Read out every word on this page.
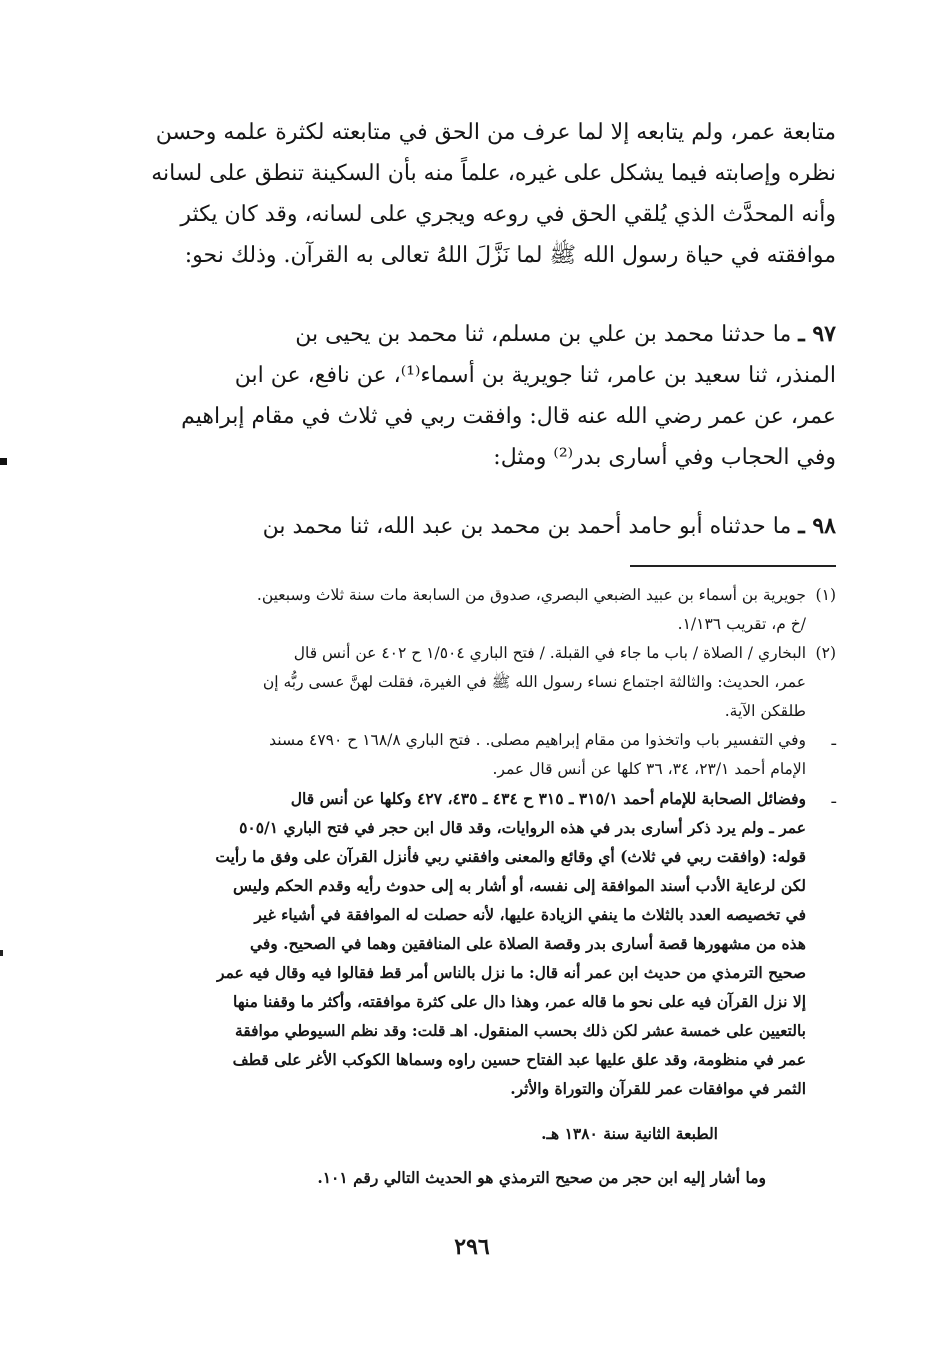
متابعة عمر، ولم يتابعه إلا لما عرف من الحق في متابعته لكثرة علمه وحسن

نظره وإصابته فيما يشكل على غيره، علماً منه بأن السكينة تنطق على لسانه

وأنه المحدَّث الذي يُلقي الحق في روعه ويجري على لسانه، وقد كان يكثر

موافقته في حياة رسول الله ﷺ لما نَزَّلَ اللهُ تعالى به القرآن. وذلك نحو:

٩٧ ـ ما حدثنا محمد بن علي بن مسلم، ثنا محمد بن يحيى بن

المنذر، ثنا سعيد بن عامر، ثنا جويرية بن أسماء⁽¹⁾، عن نافع، عن ابن

عمر، عن عمر رضي الله عنه قال: وافقت ربي في ثلاث في مقام إبراهيم

وفي الحجاب وفي أسارى بدر⁽²⁾ ومثل:

٩٨ ـ ما حدثناه أبو حامد أحمد بن محمد بن عبد الله، ثنا محمد بن

(١)

جويرية بن أسماء بن عبيد الضبعي البصري، صدوق من السابعة مات سنة ثلاث وسبعين.

/خ م، تقريب ١/١٣٦.

(٢)

البخاري / الصلاة / باب ما جاء في القبلة. / فتح الباري ١/٥٠٤ ح ٤٠٢ عن أنس قال

عمر، الحديث: والثالثة اجتماع نساء رسول الله ﷺ في الغيرة، فقلت لهنَّ عسى ربُّه إن

طلقكن الآية.

ـ

وفي التفسير باب واتخذوا من مقام إبراهيم مصلى. . فتح الباري ١٦٨/٨ ح ٤٧٩٠ مسند

الإمام أحمد ٢٣/١، ٣٤، ٣٦ كلها عن أنس قال عمر.

ـ

وفضائل الصحابة للإمام أحمد ٣١٥/١ ـ ٣١٥ ح ٤٣٤ ـ ٤٣٥، ٤٢٧ وكلها عن أنس قال

عمر ـ ولم يرد ذكر أسارى بدر في هذه الروايات، وقد قال ابن حجر في فتح الباري ٥٠٥/١

قوله: (وافقت ربي في ثلاث) أي وقائع والمعنى وافقني ربي فأنزل القرآن على وفق ما رأيت

لكن لرعاية الأدب أسند الموافقة إلى نفسه، أو أشار به إلى حدوث رأيه وقدم الحكم وليس

في تخصيصه العدد بالثلاث ما ينفي الزيادة عليها، لأنه حصلت له الموافقة في أشياء غير

هذه من مشهورها قصة أسارى بدر وقصة الصلاة على المنافقين وهما في الصحيح. وفي

صحيح الترمذي من حديث ابن عمر أنه قال: ما نزل بالناس أمر قط فقالوا فيه وقال فيه عمر

إلا نزل القرآن فيه على نحو ما قاله عمر، وهذا دال على كثرة موافقته، وأكثر ما وقفنا منها

بالتعيين على خمسة عشر لكن ذلك بحسب المنقول. اهـ قلت: وقد نظم السيوطي موافقة

عمر في منظومة، وقد علق عليها عبد الفتاح حسين راوه وسماها الكوكب الأغر على قطف

الثمر في موافقات عمر للقرآن والتوراة والأثر.

الطبعة الثانية سنة ١٣٨٠ هـ.

وما أشار إليه ابن حجر من صحيح الترمذي هو الحديث التالي رقم ١٠١.

٢٩٦
